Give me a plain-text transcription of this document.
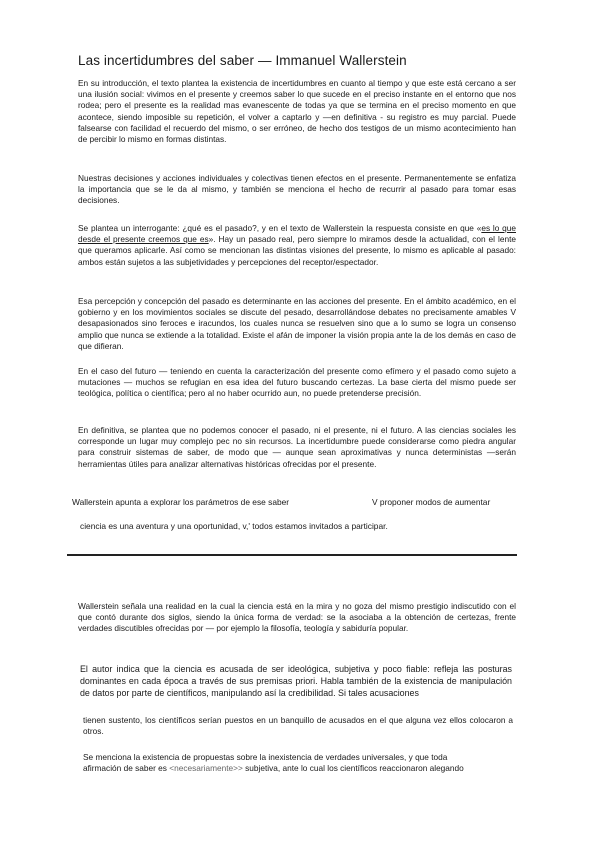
Las incertidumbres del saber — Immanuel Wallerstein

En su introducción, el texto plantea la existencia de incertidumbres en cuanto al tiempo y que este está cercano a ser una ilusión social: vivimos en el presente y creemos saber lo que sucede en el preciso instante en el entorno que nos rodea; pero el presente es la realidad mas evanescente de todas ya que se termina en el preciso momento en que acontece, siendo imposible su repetición, el volver a captarlo y —en definitiva - su registro es muy parcial. Puede falsearse con facilidad el recuerdo del mismo, o ser erróneo, de hecho dos testigos de un mismo acontecimiento han de percibir lo mismo en formas distintas.

Nuestras decisiones y acciones individuales y colectivas tienen efectos en el presente. Permanentemente se enfatiza la importancia que se le da al mismo, y también se menciona el hecho de recurrir al pasado para tomar esas decisiones.

Se plantea un interrogante: ¿qué es el pasado?, y en el texto de Wallerstein la respuesta consiste en que «es lo que desde el presente creemos que es». Hay un pasado real, pero siempre lo miramos desde la actualidad, con el lente que queramos aplicarle. Así como se mencionan las distintas visiones del presente, lo mismo es aplicable al pasado: ambos están sujetos a las subjetividades y percepciones del receptor/espectador.

Esa percepción y concepción del pasado es determinante en las acciones del presente. En el ámbito académico, en el gobierno y en los movimientos sociales se discute del pesado, desarrollándose debates no precisamente amables V desapasionados sino feroces e iracundos, los cuales nunca se resuelven sino que a lo sumo se logra un consenso amplio que nunca se extiende a la totalidad. Existe el afán de imponer la visión propia ante la de los demás en caso de que difieran.

En el caso del futuro — teniendo en cuenta la caracterización del presente como efímero y el pasado como sujeto a mutaciones — muchos se refugian en esa idea del futuro buscando certezas. La base cierta del mismo puede ser teológica, política o científica; pero al no haber ocurrido aun, no puede pretenderse precisión.

En definitiva, se plantea que no podemos conocer el pasado, ni el presente, ni el futuro. A las ciencias sociales les corresponde un lugar muy complejo pec no sin recursos. La incertidumbre puede considerarse como piedra angular para construir sistemas de saber, de modo que — aunque sean aproximativas y nunca deterministas —serán herramientas útiles para analizar alternativas históricas ofrecidas por el presente.

Wallerstein apunta a explorar los parámetros de ese saber	V proponer modos de aumentar
ciencia es una aventura y una oportunidad, v,' todos estamos invitados a participar.

Wallerstein señala una realidad en la cual la ciencia está en la mira y no goza del mismo prestigio indiscutido con el que contó durante dos siglos, siendo la única forma de verdad: se la asociaba a la obtención de certezas, frente verdades discutibles ofrecidas por — por ejemplo la filosofía, teología y sabiduría popular.

El autor indica que la ciencia es acusada de ser ideológica, subjetiva y poco fiable: refleja las posturas dominantes en cada época a través de sus premisas priori. Habla también de la existencia de manipulación de datos por parte de científicos, manipulando así la credibilidad. Si tales acusaciones

tienen sustento, los científicos serían puestos en un banquillo de acusados en el que alguna vez ellos colocaron a otros.

Se menciona la existencia de propuestas sobre la inexistencia de verdades universales, y que toda
afirmación de saber es <necesariamente>> subjetiva, ante lo cual los científicos reaccionaron alegando
